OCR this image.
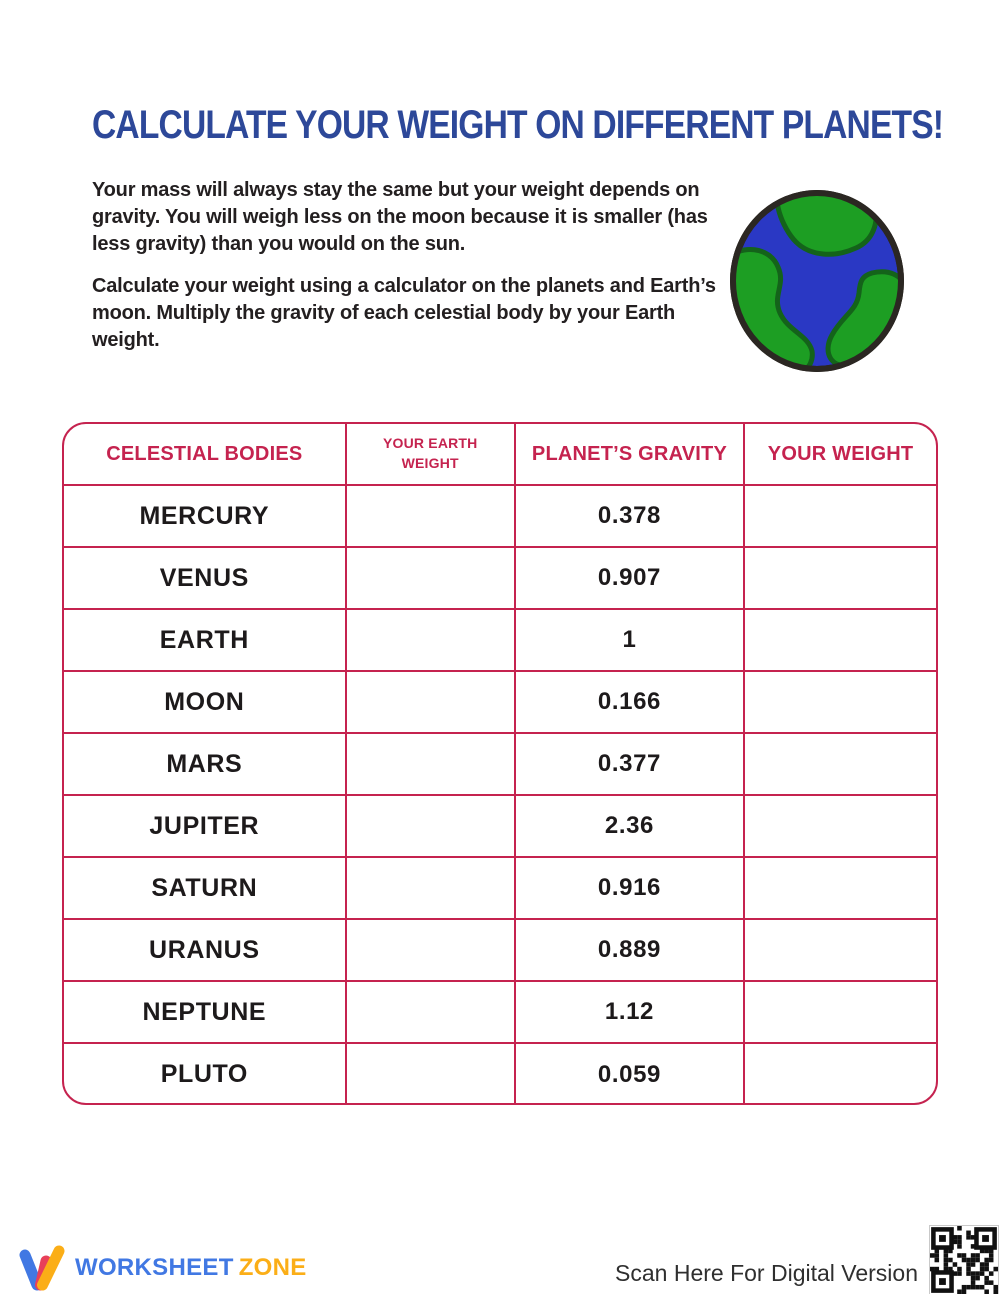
CALCULATE YOUR WEIGHT ON DIFFERENT PLANETS!

Your mass will always stay the same but your weight depends on gravity. You will weigh less on the moon because it is smaller (has less gravity) than you would on the sun.

Calculate your weight using a calculator on the planets and Earth’s moon. Multiply the gravity of each celestial body by your Earth weight.

CELESTIAL BODIES	YOUR EARTH WEIGHT	PLANET’S GRAVITY	YOUR WEIGHT
MERCURY		0.378	
VENUS		0.907	
EARTH		1	
MOON		0.166	
MARS		0.377	
JUPITER		2.36	
SATURN		0.916	
URANUS		0.889	
NEPTUNE		1.12	
PLUTO		0.059	
WORKSHEET ZONE	Scan Here For Digital Version
